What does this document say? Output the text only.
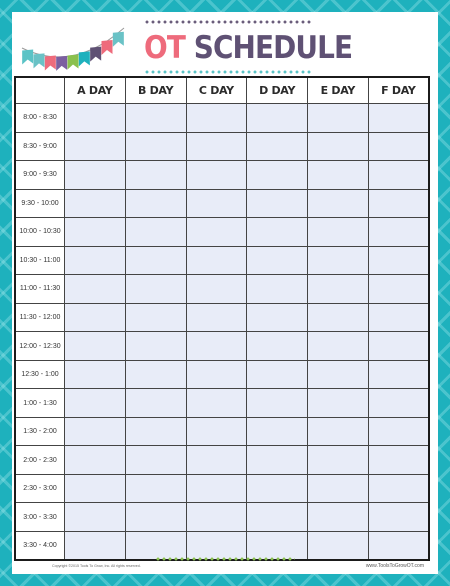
OT SCHEDULE
	A DAY	B DAY	C DAY	D DAY	E DAY	F DAY
8:00 - 8:30						
8:30 - 9:00						
9:00 - 9:30						
9:30 - 10:00						
10:00 - 10:30						
10:30 - 11:00						
11:00 - 11:30						
11:30 - 12:00						
12:00 - 12:30						
12:30 - 1:00						
1:00 - 1:30						
1:30 - 2:00						
2:00 - 2:30						
2:30 - 3:00						
3:00 - 3:30						
3:30 - 4:00						
Copyright ©2015 Tools To Grow, Inc. All rights reserved.	www.ToolsToGrowOT.com
